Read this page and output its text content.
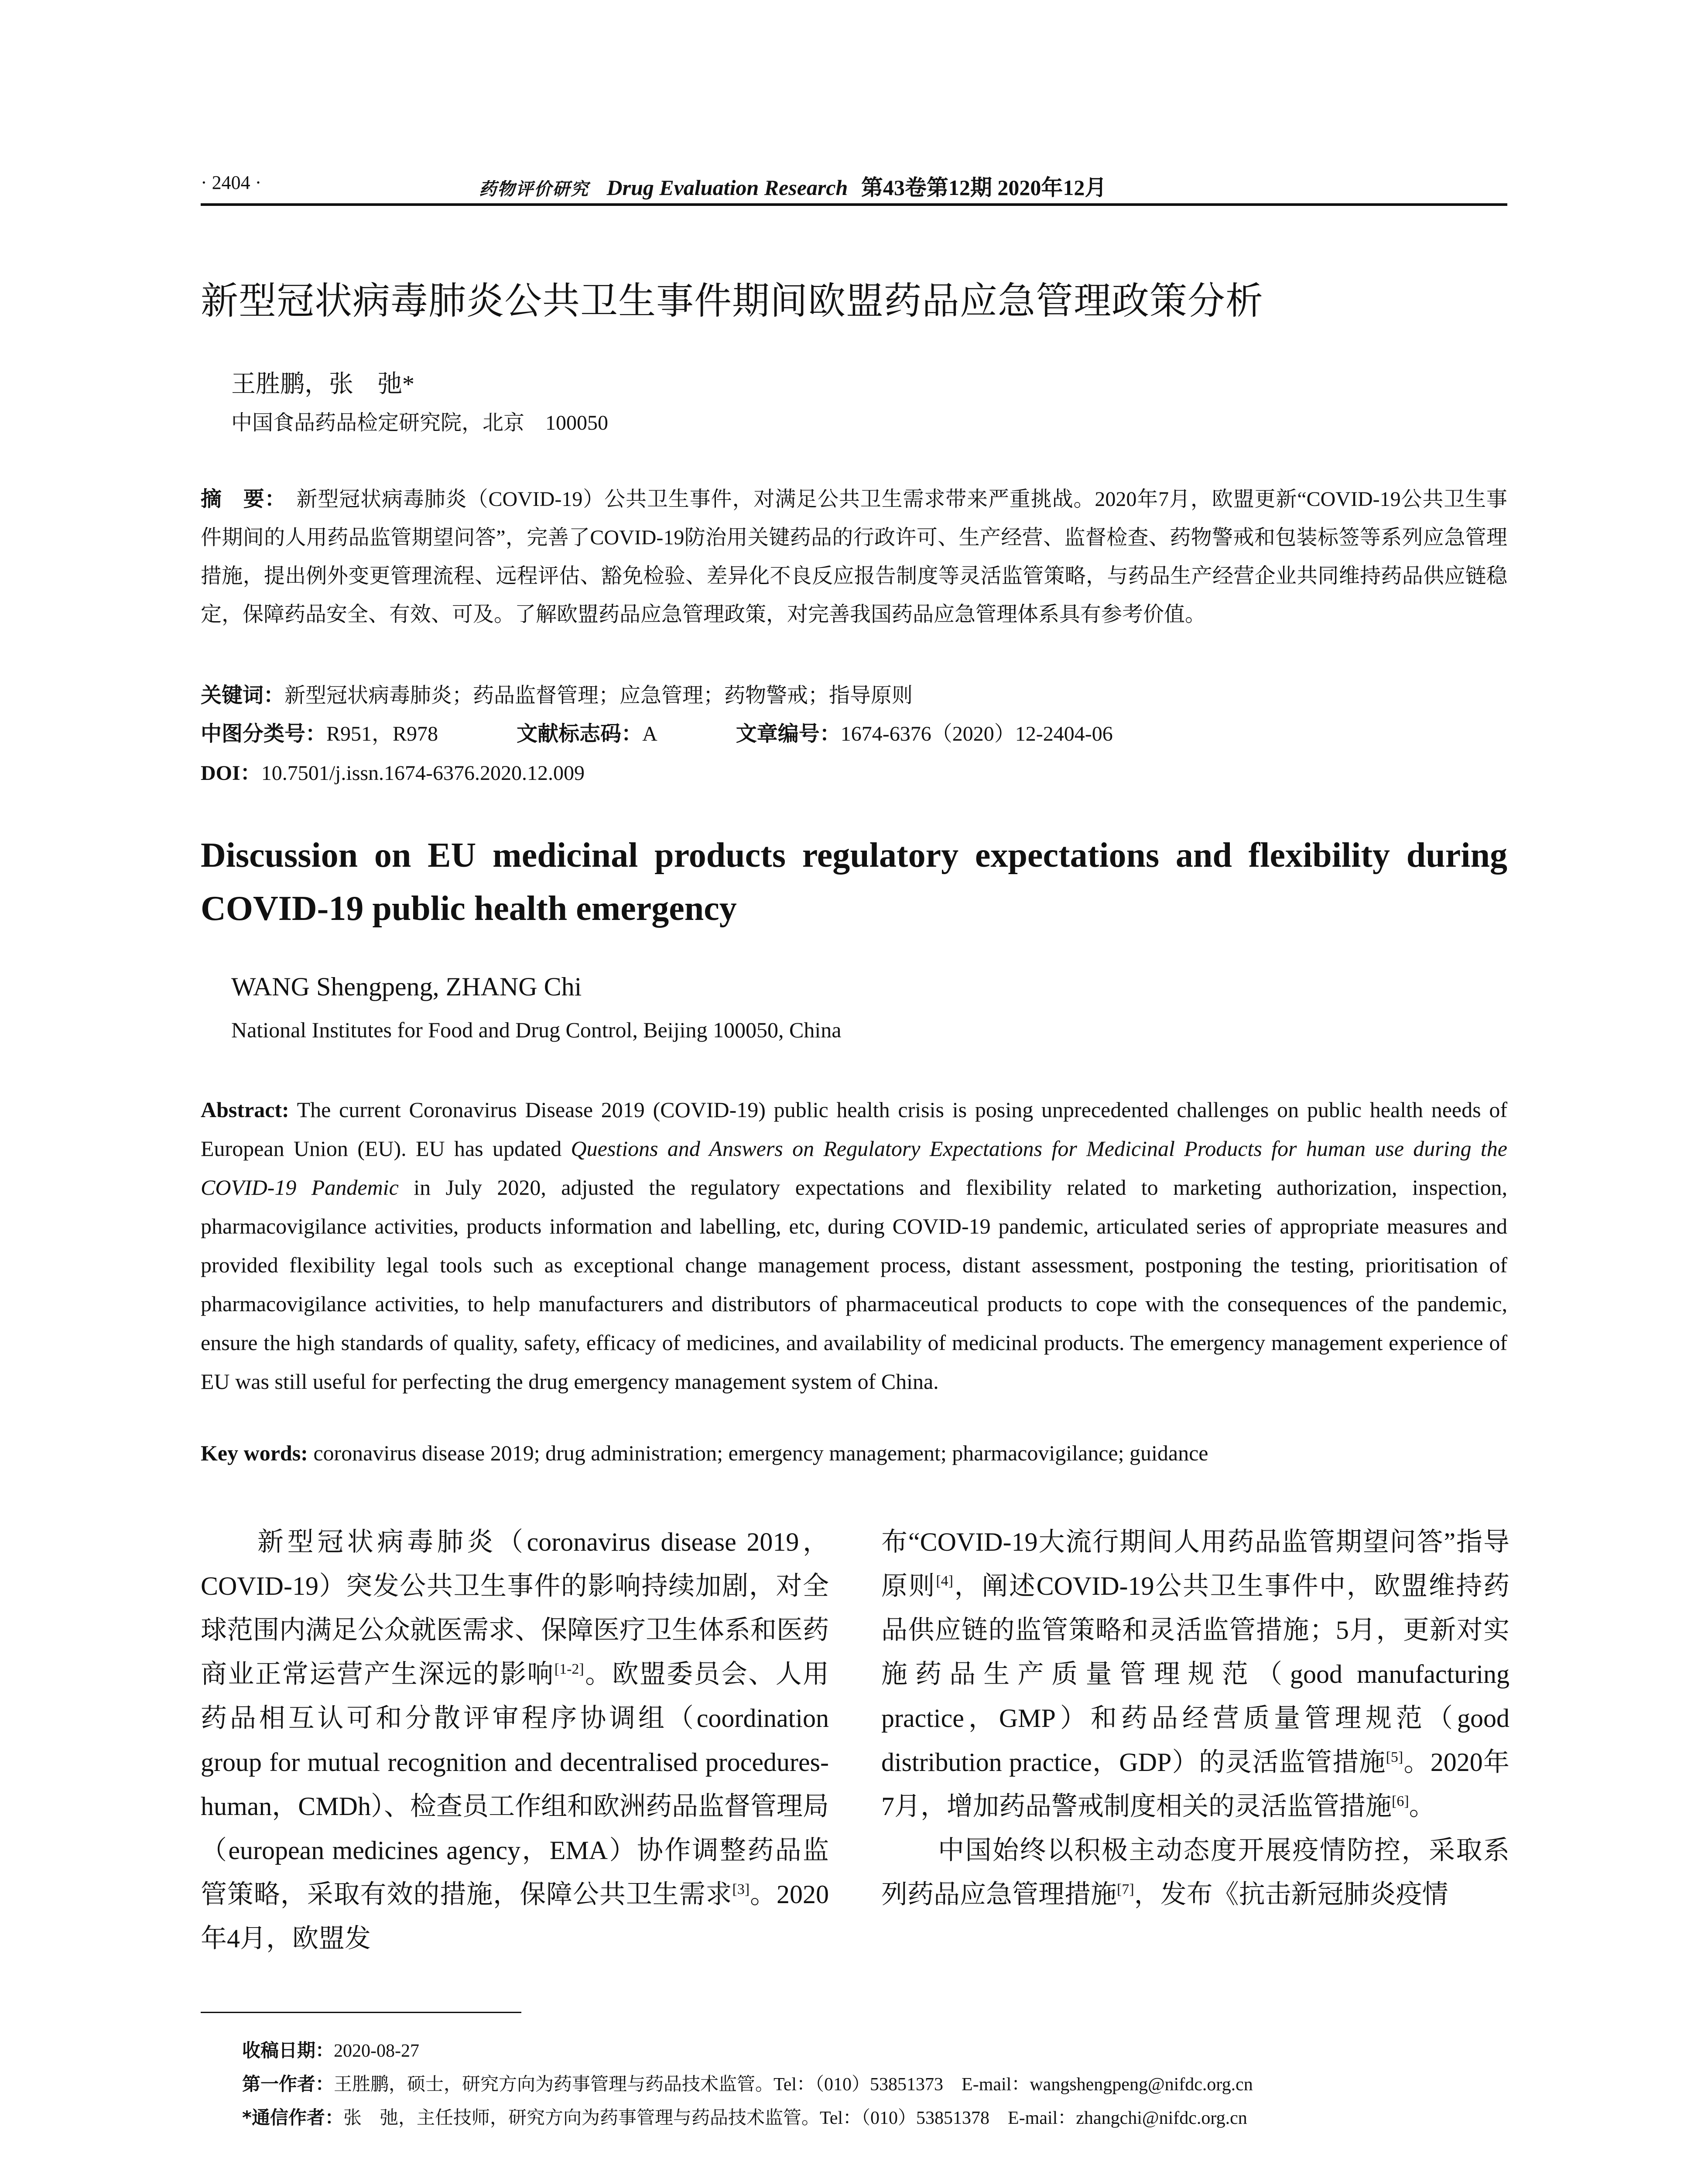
· 2404 ·	药物评价研究 Drug Evaluation Research 第43卷第12期 2020年12月
新型冠状病毒肺炎公共卫生事件期间欧盟药品应急管理政策分析
王胜鹏，张　弛*
中国食品药品检定研究院，北京　100050
摘　要： 新型冠状病毒肺炎（COVID-19）公共卫生事件，对满足公共卫生需求带来严重挑战。2020年7月，欧盟更新“COVID-19公共卫生事件期间的人用药品监管期望问答”，完善了COVID-19防治用关键药品的行政许可、生产经营、监督检查、药物警戒和包装标签等系列应急管理措施，提出例外变更管理流程、远程评估、豁免检验、差异化不良反应报告制度等灵活监管策略，与药品生产经营企业共同维持药品供应链稳定，保障药品安全、有效、可及。了解欧盟药品应急管理政策，对完善我国药品应急管理体系具有参考价值。
关键词：新型冠状病毒肺炎；药品监督管理；应急管理；药物警戒；指导原则
中图分类号：R951，R978	文献标志码：A	文章编号：1674-6376（2020）12-2404-06
DOI：10.7501/j.issn.1674-6376.2020.12.009
Discussion on EU medicinal products regulatory expectations and flexibility during COVID-19 public health emergency
WANG Shengpeng, ZHANG Chi
National Institutes for Food and Drug Control, Beijing 100050, China
Abstract: The current Coronavirus Disease 2019 (COVID-19) public health crisis is posing unprecedented challenges on public health needs of European Union (EU). EU has updated Questions and Answers on Regulatory Expectations for Medicinal Products for human use during the COVID-19 Pandemic in July 2020, adjusted the regulatory expectations and flexibility related to marketing authorization, inspection, pharmacovigilance activities, products information and labelling, etc, during COVID-19 pandemic, articulated series of appropriate measures and provided flexibility legal tools such as exceptional change management process, distant assessment, postponing the testing, prioritisation of pharmacovigilance activities, to help manufacturers and distributors of pharmaceutical products to cope with the consequences of the pandemic, ensure the high standards of quality, safety, efficacy of medicines, and availability of medicinal products. The emergency management experience of EU was still useful for perfecting the drug emergency management system of China.
Key words: coronavirus disease 2019; drug administration; emergency management; pharmacovigilance; guidance
新型冠状病毒肺炎（coronavirus disease 2019，COVID-19）突发公共卫生事件的影响持续加剧，对全球范围内满足公众就医需求、保障医疗卫生体系和医药商业正常运营产生深远的影响[1-2]。欧盟委员会、人用药品相互认可和分散评审程序协调组（coordination group for mutual recognition and decentralised procedures-human，CMDh）、检查员工作组和欧洲药品监督管理局（european medicines agency，EMA）协作调整药品监管策略，采取有效的措施，保障公共卫生需求[3]。2020年4月，欧盟发
布“COVID-19大流行期间人用药品监管期望问答”指导原则[4]，阐述COVID-19公共卫生事件中，欧盟维持药品供应链的监管策略和灵活监管措施；5月，更新对实施药品生产质量管理规范（good manufacturing practice，GMP）和药品经营质量管理规范（good distribution practice，GDP）的灵活监管措施[5]。2020年7月，增加药品警戒制度相关的灵活监管措施[6]。
中国始终以积极主动态度开展疫情防控，采取系列药品应急管理措施[7]，发布《抗击新冠肺炎疫情
收稿日期：2020-08-27
第一作者：王胜鹏，硕士，研究方向为药事管理与药品技术监管。Tel：（010）53851373　E-mail：wangshengpeng@nifdc.org.cn
*通信作者：张　弛，主任技师，研究方向为药事管理与药品技术监管。Tel：（010）53851378　E-mail：zhangchi@nifdc.org.cn
